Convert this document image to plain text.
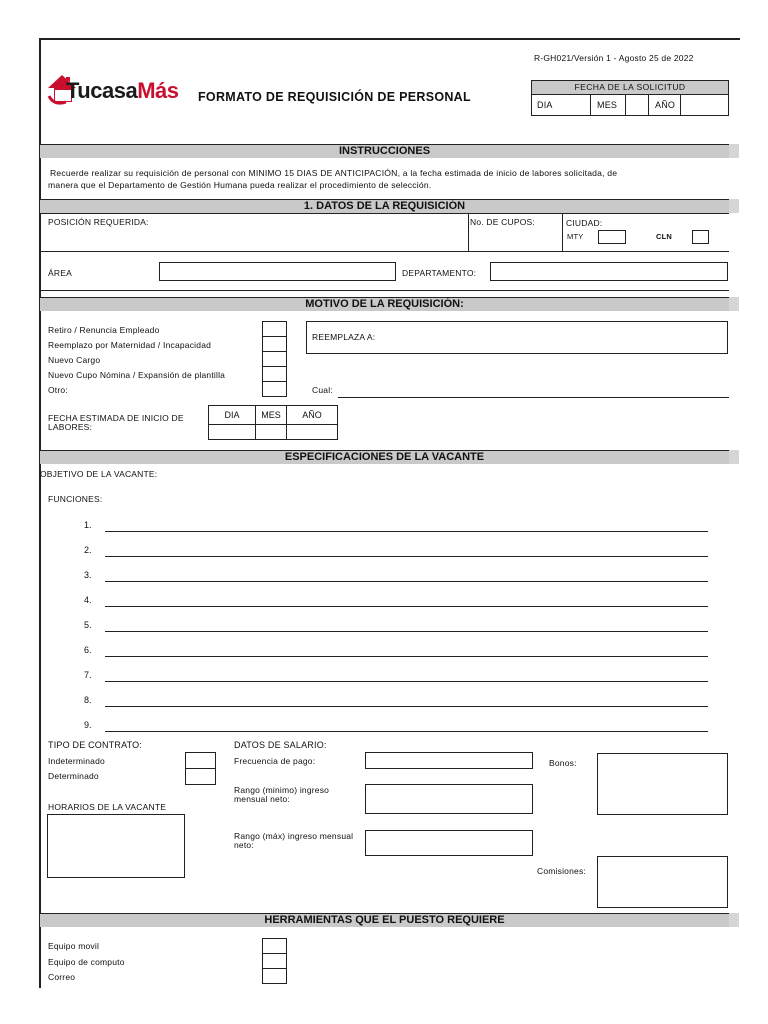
R-GH021/Versión 1 - Agosto 25 de 2022
TucasaMás FORMATO DE REQUISICIÓN DE PERSONAL
FECHA DE LA SOLICITUD
DIA	MES	AÑO
INSTRUCCIONES
Recuerde realizar su requisición de personal con MINIMO 15 DIAS DE ANTICIPACIÓN, a la fecha estimada de inicio de labores solicitada, de
manera que el Departamento de Gestión Humana pueda realizar el procedimiento de selección.
1. DATOS DE LA REQUISICIÓN
POSICIÓN REQUERIDA:	No. DE CUPOS:	CIUDAD:
MTY	CLN
ÁREA	DEPARTAMENTO:
MOTIVO DE LA REQUISICIÓN:
Retiro / Renuncia Empleado
Reemplazo por Maternidad / Incapacidad
Nuevo Cargo
Nuevo Cupo Nómina / Expansión de plantilla
Otro:
REEMPLAZA A:
Cual:
FECHA ESTIMADA DE INICIO DE
LABORES:
DIA	MES	AÑO
ESPECIFICACIONES DE LA VACANTE
OBJETIVO DE LA VACANTE:
FUNCIONES:
1.
2.
3.
4.
5.
6.
7.
8.
9.
TIPO DE CONTRATO:
Indeterminado
Determinado
HORARIOS DE LA VACANTE
DATOS DE SALARIO:
Frecuencia de pago:
Rango (minimo) ingreso
mensual neto:
Rango (máx) ingreso mensual
neto:
Bonos:
Comisiones:
HERRAMIENTAS QUE EL PUESTO REQUIERE
Equipo movil
Equipo de computo
Correo
